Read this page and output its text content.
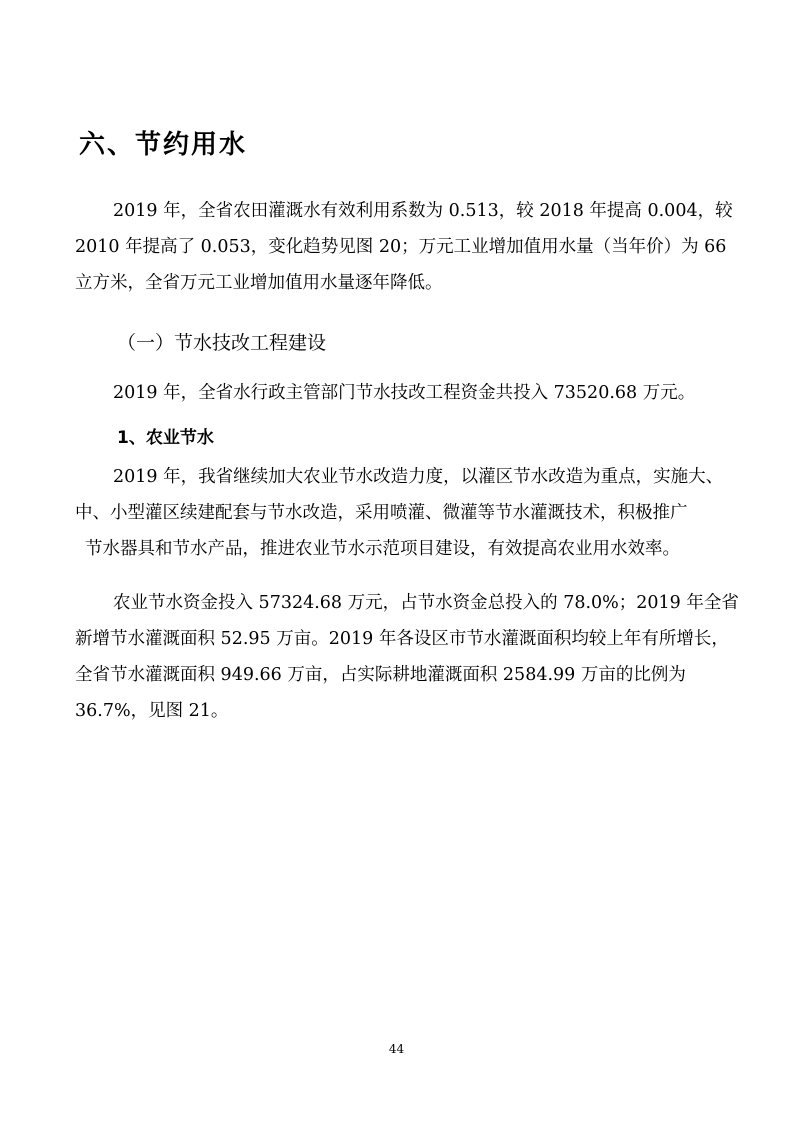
六、节约用水
2019 年，全省农田灌溉水有效利用系数为 0.513，较 2018 年提高 0.004，较
2010 年提高了 0.053，变化趋势见图 20；万元工业增加值用水量（当年价）为 66
立方米，全省万元工业增加值用水量逐年降低。
（一）节水技改工程建设
2019 年，全省水行政主管部门节水技改工程资金共投入 73520.68 万元。
1、农业节水
2019 年，我省继续加大农业节水改造力度，以灌区节水改造为重点，实施大、
中、小型灌区续建配套与节水改造，采用喷灌、微灌等节水灌溉技术，积极推广
节水器具和节水产品，推进农业节水示范项目建设，有效提高农业用水效率。
农业节水资金投入 57324.68 万元，占节水资金总投入的 78.0%；2019 年全省
新增节水灌溉面积 52.95 万亩。2019 年各设区市节水灌溉面积均较上年有所增长，
全省节水灌溉面积 949.66 万亩，占实际耕地灌溉面积 2584.99 万亩的比例为
36.7%，见图 21。
44
